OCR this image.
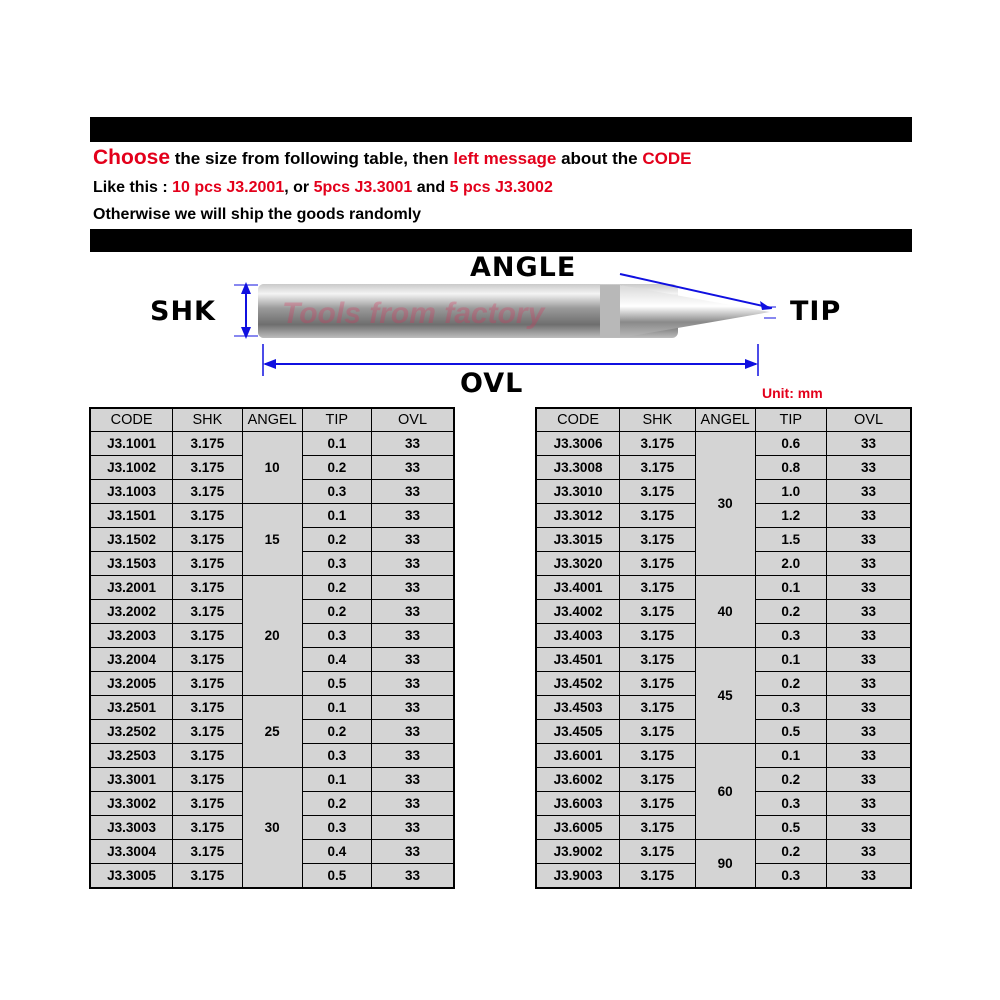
Choose the size from following table, then left message about the CODE
Like this : 10 pcs J3.2001, or 5pcs J3.3001 and 5 pcs J3.3002
Otherwise we will ship the goods randomly
Tools from factory
ANGLE
SHK	TIP
OVL	Unit: mm
CODE	SHK	ANGEL	TIP	OVL
J3.1001	3.175	10	0.1	33
J3.1002	3.175		0.2	33
J3.1003	3.175		0.3	33
J3.1501	3.175	15	0.1	33
J3.1502	3.175		0.2	33
J3.1503	3.175		0.3	33
J3.2001	3.175	20	0.2	33
J3.2002	3.175		0.2	33
J3.2003	3.175		0.3	33
J3.2004	3.175		0.4	33
J3.2005	3.175		0.5	33
J3.2501	3.175	25	0.1	33
J3.2502	3.175		0.2	33
J3.2503	3.175		0.3	33
J3.3001	3.175	30	0.1	33
J3.3002	3.175		0.2	33
J3.3003	3.175		0.3	33
J3.3004	3.175		0.4	33
J3.3005	3.175		0.5	33
CODE	SHK	ANGEL	TIP	OVL
J3.3006	3.175	30	0.6	33
J3.3008	3.175		0.8	33
J3.3010	3.175		1.0	33
J3.3012	3.175		1.2	33
J3.3015	3.175		1.5	33
J3.3020	3.175		2.0	33
J3.4001	3.175	40	0.1	33
J3.4002	3.175		0.2	33
J3.4003	3.175		0.3	33
J3.4501	3.175	45	0.1	33
J3.4502	3.175		0.2	33
J3.4503	3.175		0.3	33
J3.4505	3.175		0.5	33
J3.6001	3.175	60	0.1	33
J3.6002	3.175		0.2	33
J3.6003	3.175		0.3	33
J3.6005	3.175		0.5	33
J3.9002	3.175	90	0.2	33
J3.9003	3.175		0.3	33
